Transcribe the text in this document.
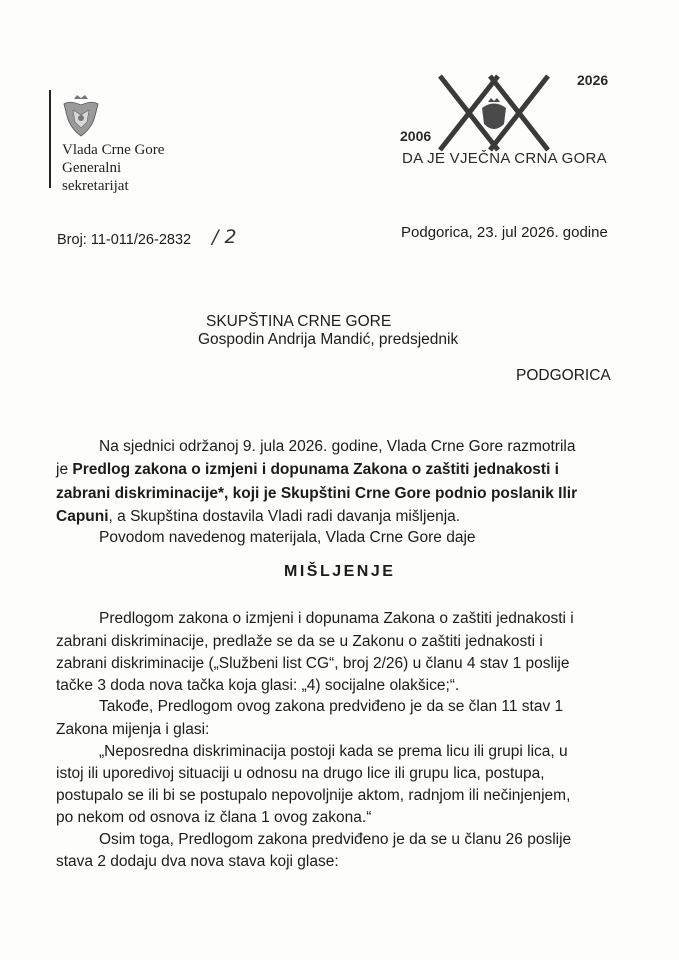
Vlada Crne Gore
Generalni
sekretarijat
2026
2006
DA JE VJEČNA CRNA GORA
Broj: 11-011/26-2832 / 2	Podgorica, 23. jul 2026. godine
SKUPŠTINA CRNE GORE
Gospodin Andrija Mandić, predsjednik
PODGORICA
Na sjednici održanoj 9. jula 2026. godine, Vlada Crne Gore razmotrila
je Predlog zakona o izmjeni i dopunama Zakona o zaštiti jednakosti i
zabrani diskriminacije*, koji je Skupštini Crne Gore podnio poslanik Ilir
Capuni, a Skupština dostavila Vladi radi davanja mišljenja.
Povodom navedenog materijala, Vlada Crne Gore daje
MIŠLJENJE
Predlogom zakona o izmjeni i dopunama Zakona o zaštiti jednakosti i
zabrani diskriminacije, predlaže se da se u Zakonu o zaštiti jednakosti i
zabrani diskriminacije („Službeni list CG“, broj 2/26) u članu 4 stav 1 poslije
tačke 3 doda nova tačka koja glasi: „4) socijalne olakšice;“.
Takođe, Predlogom ovog zakona predviđeno je da se član 11 stav 1
Zakona mijenja i glasi:
„Neposredna diskriminacija postoji kada se prema licu ili grupi lica, u
istoj ili uporedivoj situaciji u odnosu na drugo lice ili grupu lica, postupa,
postupalo se ili bi se postupalo nepovoljnije aktom, radnjom ili nečinjenjem,
po nekom od osnova iz člana 1 ovog zakona.“
Osim toga, Predlogom zakona predviđeno je da se u članu 26 poslije
stava 2 dodaju dva nova stava koji glase:
